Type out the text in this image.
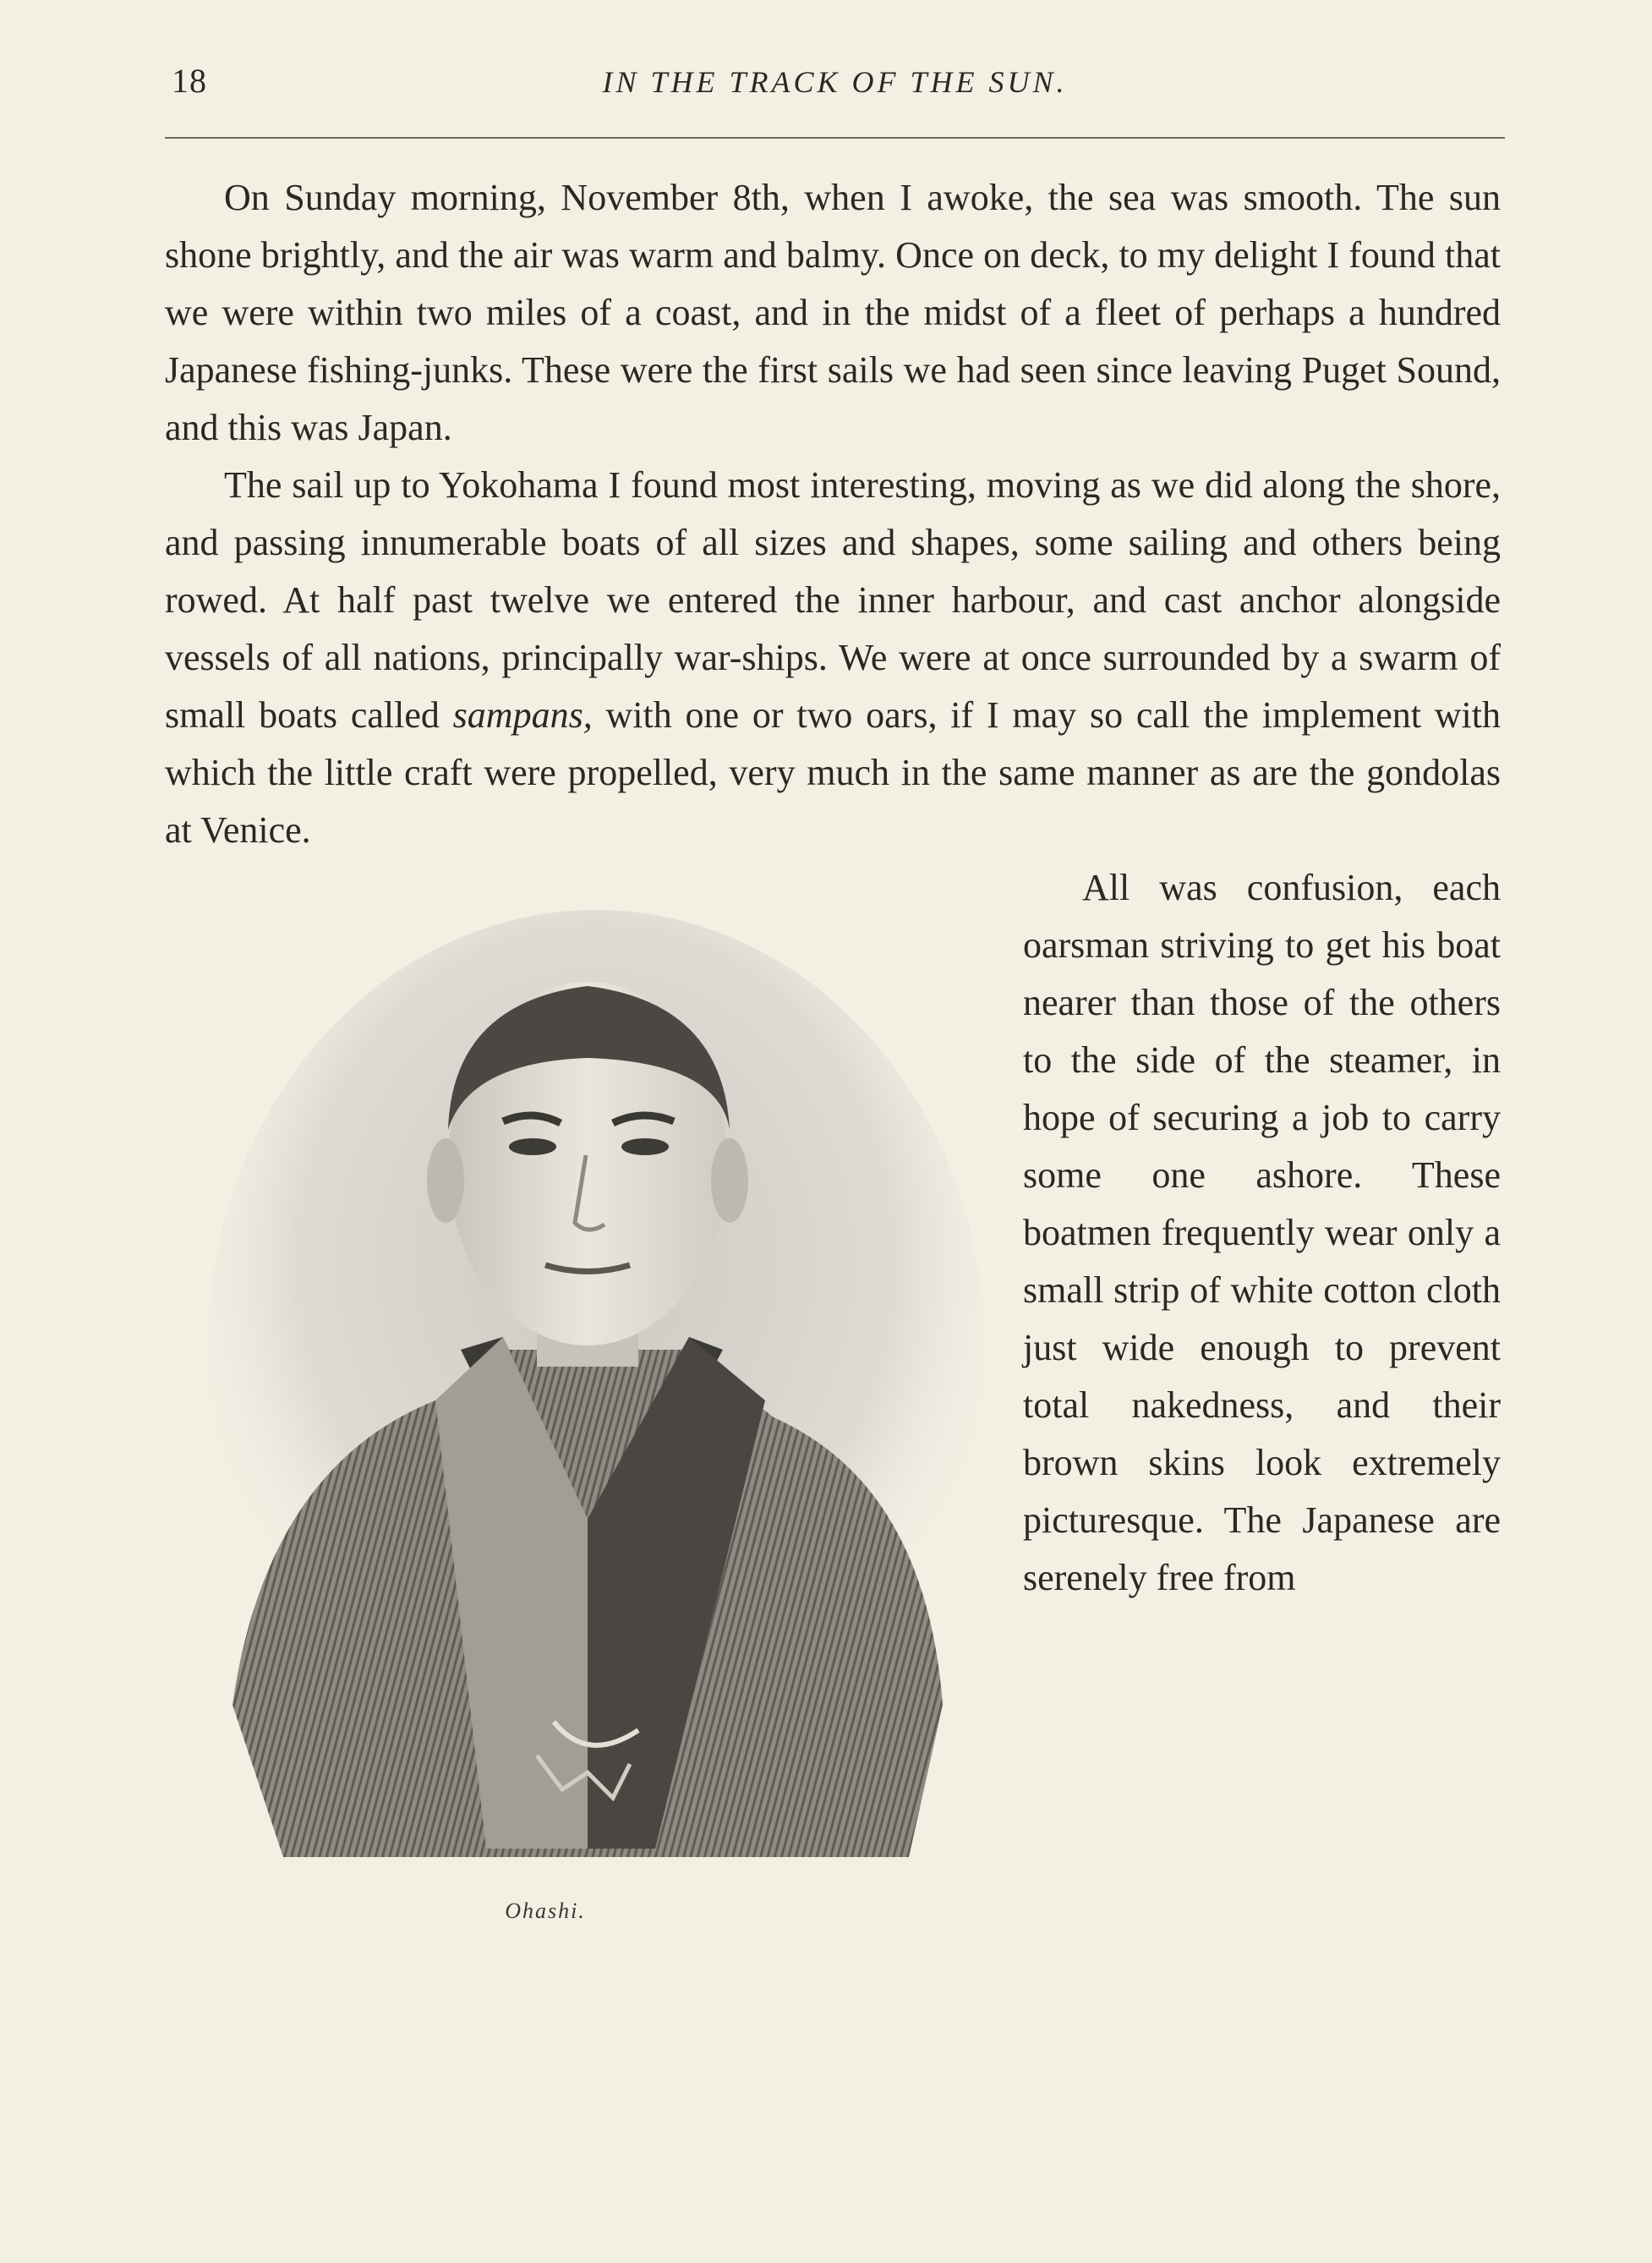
18	IN THE TRACK OF THE SUN.

On Sunday morning, November 8th, when I awoke, the sea was smooth. The sun shone brightly, and the air was warm and balmy. Once on deck, to my delight I found that we were within two miles of a coast, and in the midst of a fleet of perhaps a hundred Japanese fishing-junks. These were the first sails we had seen since leaving Puget Sound, and this was Japan.

The sail up to Yokohama I found most interesting, moving as we did along the shore, and passing innumerable boats of all sizes and shapes, some sailing and others being rowed. At half past twelve we entered the inner harbour, and cast anchor alongside vessels of all nations, principally war-ships. We were at once surrounded by a swarm of small boats called sampans, with one or two oars, if I may so call the implement with which the little craft were propelled, very much in the same manner as are the gondolas at Venice.

Ohashi.

All was confusion, each oarsman striving to get his boat nearer than those of the others to the side of the steamer, in hope of securing a job to carry some one ashore. These boatmen frequently wear only a small strip of white cotton cloth just wide enough to prevent total nakedness, and their brown skins look extremely picturesque. The Japanese are serenely free from
